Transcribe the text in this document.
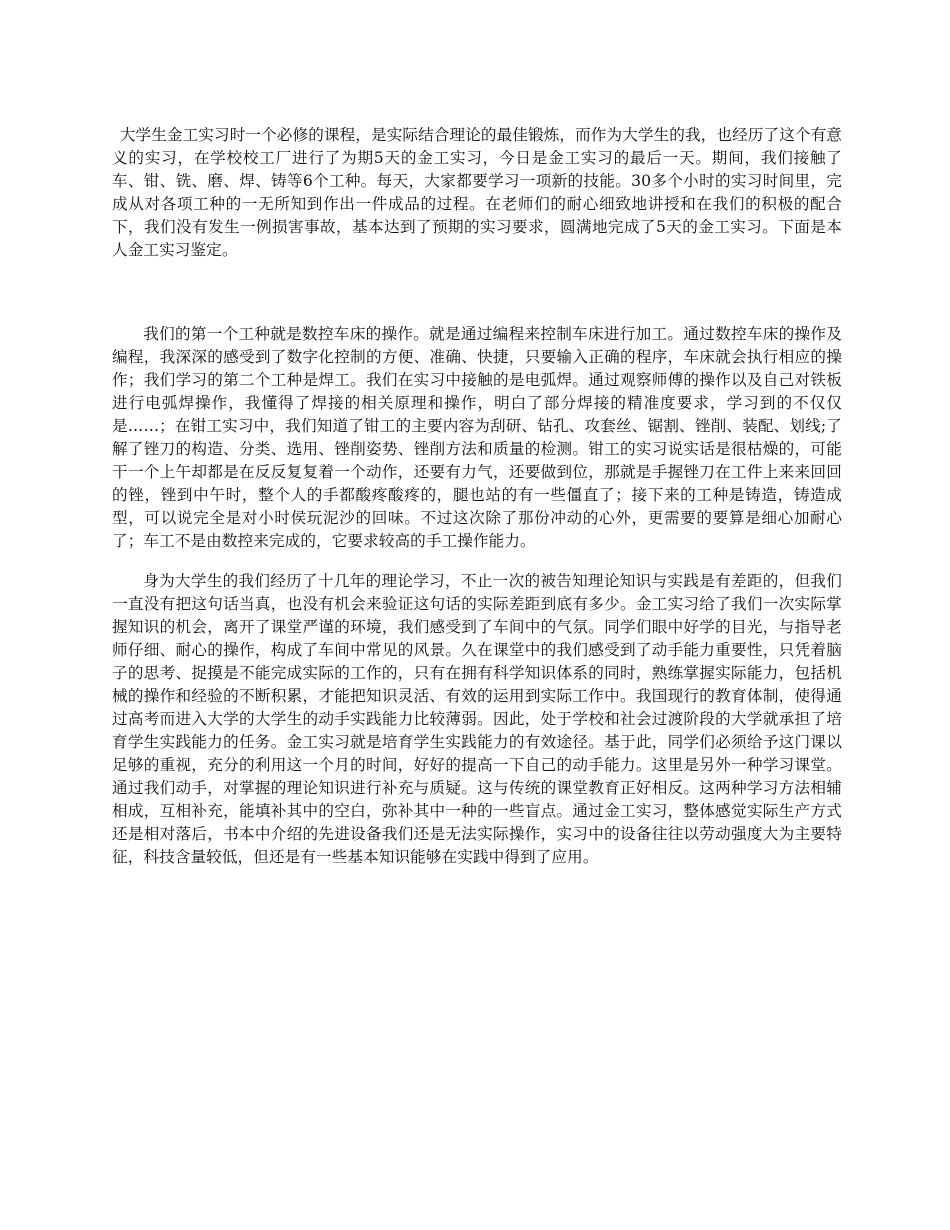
大学生金工实习时一个必修的课程，是实际结合理论的最佳锻炼，而作为大学生的我，也经历了这个有意义的实习，在学校校工厂进行了为期5天的金工实习，今日是金工实习的最后一天。期间，我们接触了车、钳、铣、磨、焊、铸等6个工种。每天，大家都要学习一项新的技能。30多个小时的实习时间里，完成从对各项工种的一无所知到作出一件成品的过程。在老师们的耐心细致地讲授和在我们的积极的配合下，我们没有发生一例损害事故，基本达到了预期的实习要求，圆满地完成了5天的金工实习。下面是本人金工实习鉴定。

我们的第一个工种就是数控车床的操作。就是通过编程来控制车床进行加工。通过数控车床的操作及编程，我深深的感受到了数字化控制的方便、准确、快捷，只要输入正确的程序，车床就会执行相应的操作；我们学习的第二个工种是焊工。我们在实习中接触的是电弧焊。通过观察师傅的操作以及自己对铁板进行电弧焊操作，我懂得了焊接的相关原理和操作，明白了部分焊接的精准度要求，学习到的不仅仅是……；在钳工实习中，我们知道了钳工的主要内容为刮研、钻孔、攻套丝、锯割、锉削、装配、划线;了解了锉刀的构造、分类、选用、锉削姿势、锉削方法和质量的检测。钳工的实习说实话是很枯燥的，可能干一个上午却都是在反反复复着一个动作，还要有力气，还要做到位，那就是手握锉刀在工件上来来回回的锉，锉到中午时，整个人的手都酸疼酸疼的，腿也站的有一些僵直了；接下来的工种是铸造，铸造成型，可以说完全是对小时侯玩泥沙的回味。不过这次除了那份冲动的心外，更需要的要算是细心加耐心了；车工不是由数控来完成的，它要求较高的手工操作能力。

身为大学生的我们经历了十几年的理论学习，不止一次的被告知理论知识与实践是有差距的，但我们一直没有把这句话当真，也没有机会来验证这句话的实际差距到底有多少。金工实习给了我们一次实际掌握知识的机会，离开了课堂严谨的环境，我们感受到了车间中的气氛。同学们眼中好学的目光，与指导老师仔细、耐心的操作，构成了车间中常见的风景。久在课堂中的我们感受到了动手能力重要性，只凭着脑子的思考、捉摸是不能完成实际的工作的，只有在拥有科学知识体系的同时，熟练掌握实际能力，包括机械的操作和经验的不断积累，才能把知识灵活、有效的运用到实际工作中。我国现行的教育体制，使得通过高考而进入大学的大学生的动手实践能力比较薄弱。因此，处于学校和社会过渡阶段的大学就承担了培育学生实践能力的任务。金工实习就是培育学生实践能力的有效途径。基于此，同学们必须给予这门课以足够的重视，充分的利用这一个月的时间，好好的提高一下自己的动手能力。这里是另外一种学习课堂。通过我们动手，对掌握的理论知识进行补充与质疑。这与传统的课堂教育正好相反。这两种学习方法相辅相成，互相补充，能填补其中的空白，弥补其中一种的一些盲点。通过金工实习，整体感觉实际生产方式还是相对落后，书本中介绍的先进设备我们还是无法实际操作，实习中的设备往往以劳动强度大为主要特征，科技含量较低，但还是有一些基本知识能够在实践中得到了应用。
